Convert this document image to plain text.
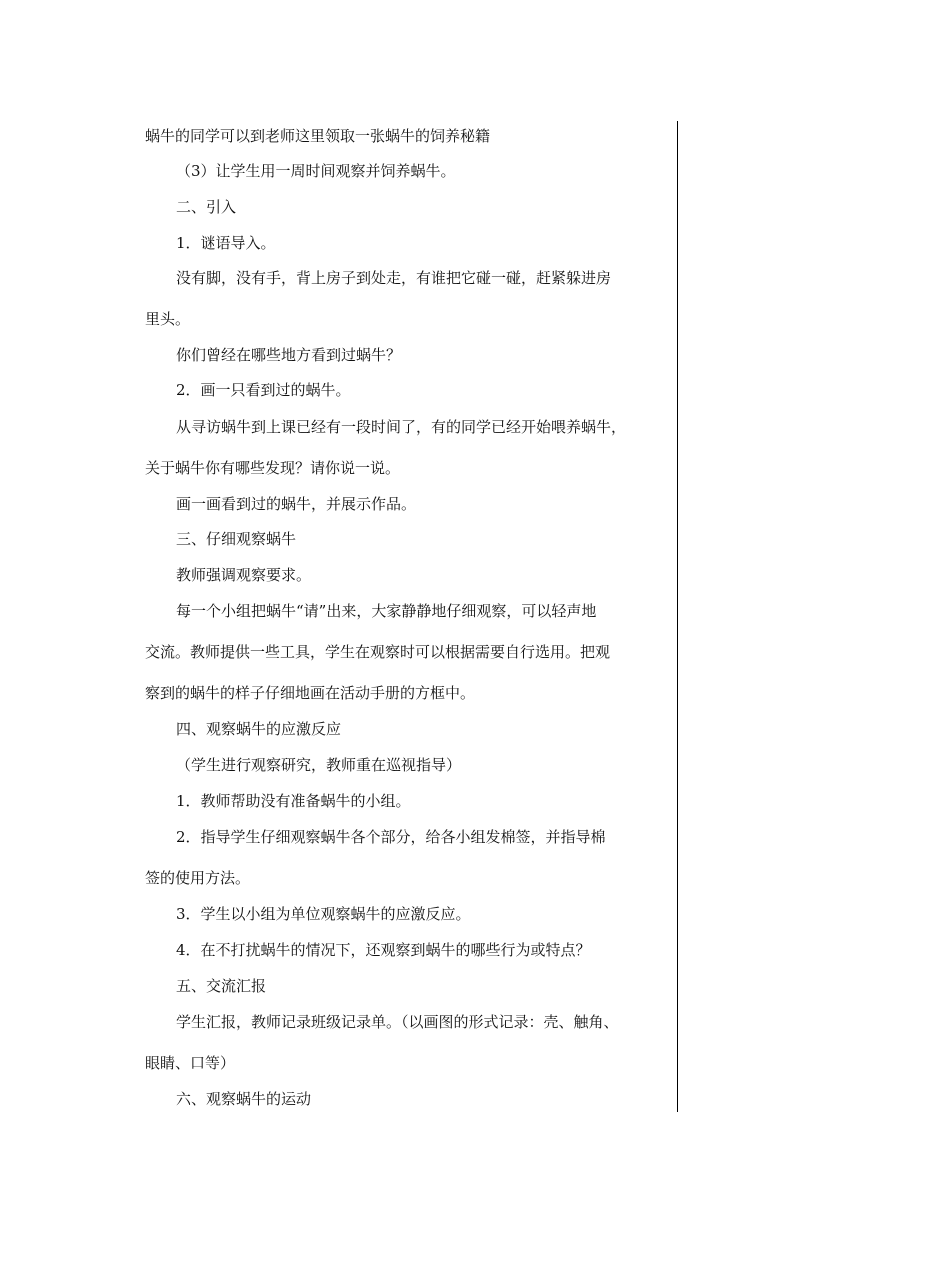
蜗牛的同学可以到老师这里领取一张蜗牛的饲养秘籍
（3）让学生用一周时间观察并饲养蜗牛。
二、引入
1．谜语导入。
没有脚，没有手，背上房子到处走，有谁把它碰一碰，赶紧躲进房
里头。
你们曾经在哪些地方看到过蜗牛？
2．画一只看到过的蜗牛。
从寻访蜗牛到上课已经有一段时间了，有的同学已经开始喂养蜗牛，
关于蜗牛你有哪些发现？请你说一说。
画一画看到过的蜗牛，并展示作品。
三、仔细观察蜗牛
教师强调观察要求。
每一个小组把蜗牛“请”出来，大家静静地仔细观察，可以轻声地
交流。教师提供一些工具，学生在观察时可以根据需要自行选用。把观
察到的蜗牛的样子仔细地画在活动手册的方框中。
四、观察蜗牛的应激反应
（学生进行观察研究，教师重在巡视指导）
1．教师帮助没有准备蜗牛的小组。
2．指导学生仔细观察蜗牛各个部分，给各小组发棉签，并指导棉
签的使用方法。
3．学生以小组为单位观察蜗牛的应激反应。
4．在不打扰蜗牛的情况下，还观察到蜗牛的哪些行为或特点？
五、交流汇报
学生汇报，教师记录班级记录单。（以画图的形式记录：壳、触角、
眼睛、口等）
六、观察蜗牛的运动
